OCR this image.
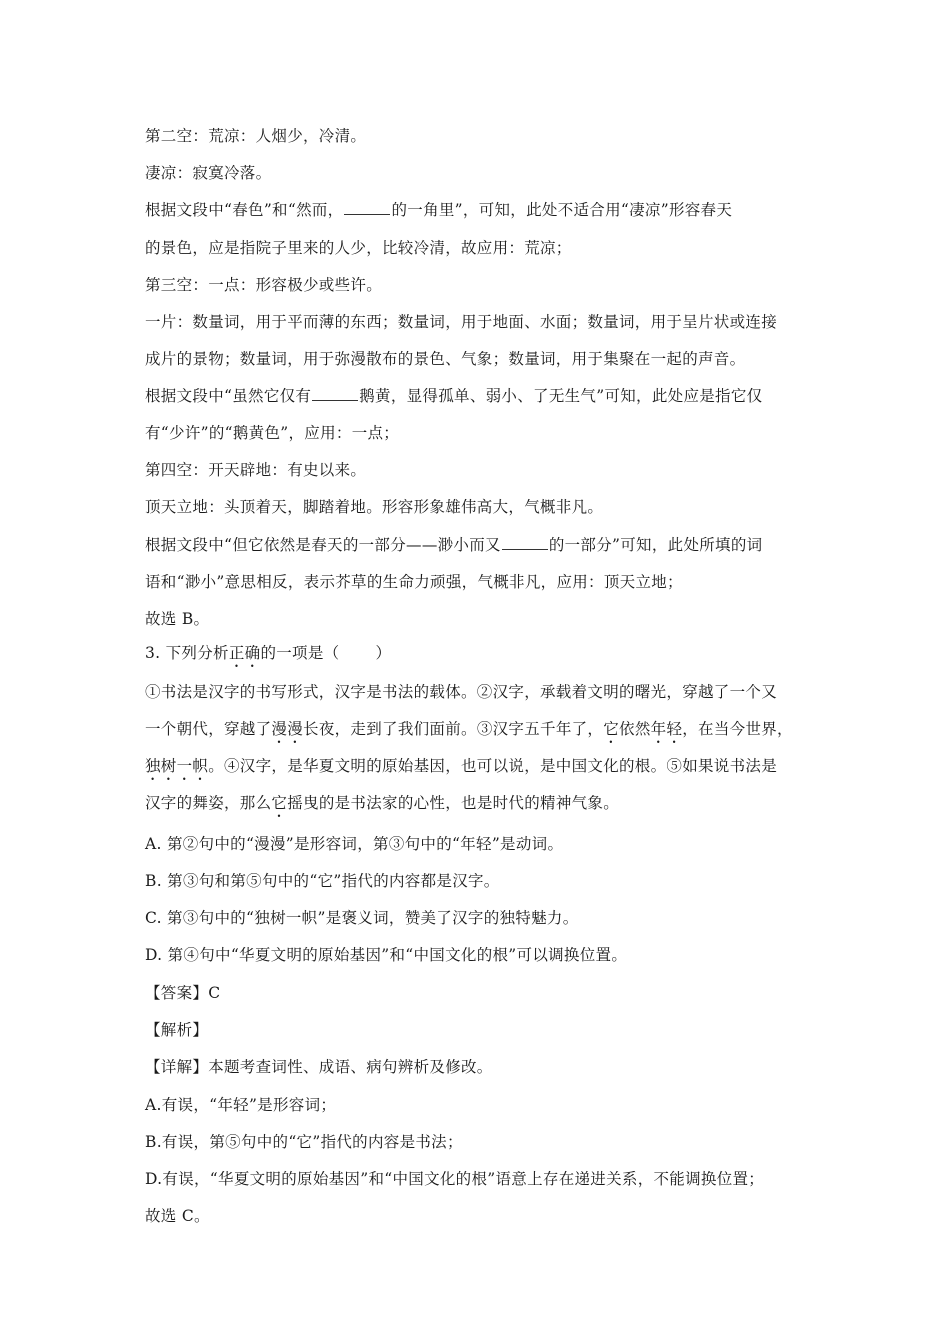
第二空：荒凉：人烟少，冷清。
凄凉：寂寞冷落。
根据文段中“春色”和“然而，	的一角里”，可知，此处不适合用“凄凉”形容春天
的景色，应是指院子里来的人少，比较冷清，故应用：荒凉；
第三空：一点：形容极少或些许。
一片：数量词，用于平而薄的东西；数量词，用于地面、水面；数量词，用于呈片状或连接
成片的景物；数量词，用于弥漫散布的景色、气象；数量词，用于集聚在一起的声音。
根据文段中“虽然它仅有	鹅黄，显得孤单、弱小、了无生气”可知，此处应是指它仅
有“少许”的“鹅黄色”，应用：一点；
第四空：开天辟地：有史以来。
顶天立地：头顶着天，脚踏着地。形容形象雄伟高大，气概非凡。
根据文段中“但它依然是春天的一部分——渺小而又	的一部分”可知，此处所填的词
语和“渺小”意思相反，表示芥草的生命力顽强，气概非凡，应用：顶天立地；
故选 B。
3. 下列分析正确的一项是（ ）
①书法是汉字的书写形式，汉字是书法的载体。②汉字，承载着文明的曙光，穿越了一个又
一个朝代，穿越了漫漫长夜，走到了我们面前。③汉字五千年了，它依然年轻，在当今世界，
独树一帜。④汉字，是华夏文明的原始基因，也可以说，是中国文化的根。⑤如果说书法是
汉字的舞姿，那么它摇曳的是书法家的心性，也是时代的精神气象。
A. 第②句中的“漫漫”是形容词，第③句中的“年轻”是动词。
B. 第③句和第⑤句中的“它”指代的内容都是汉字。
C. 第③句中的“独树一帜”是褒义词，赞美了汉字的独特魅力。
D. 第④句中“华夏文明的原始基因”和“中国文化的根”可以调换位置。
【答案】C
【解析】
【详解】本题考查词性、成语、病句辨析及修改。
A.有误，“年轻”是形容词；
B.有误，第⑤句中的“它”指代的内容是书法；
D.有误，“华夏文明的原始基因”和“中国文化的根”语意上存在递进关系，不能调换位置；
故选 C。
